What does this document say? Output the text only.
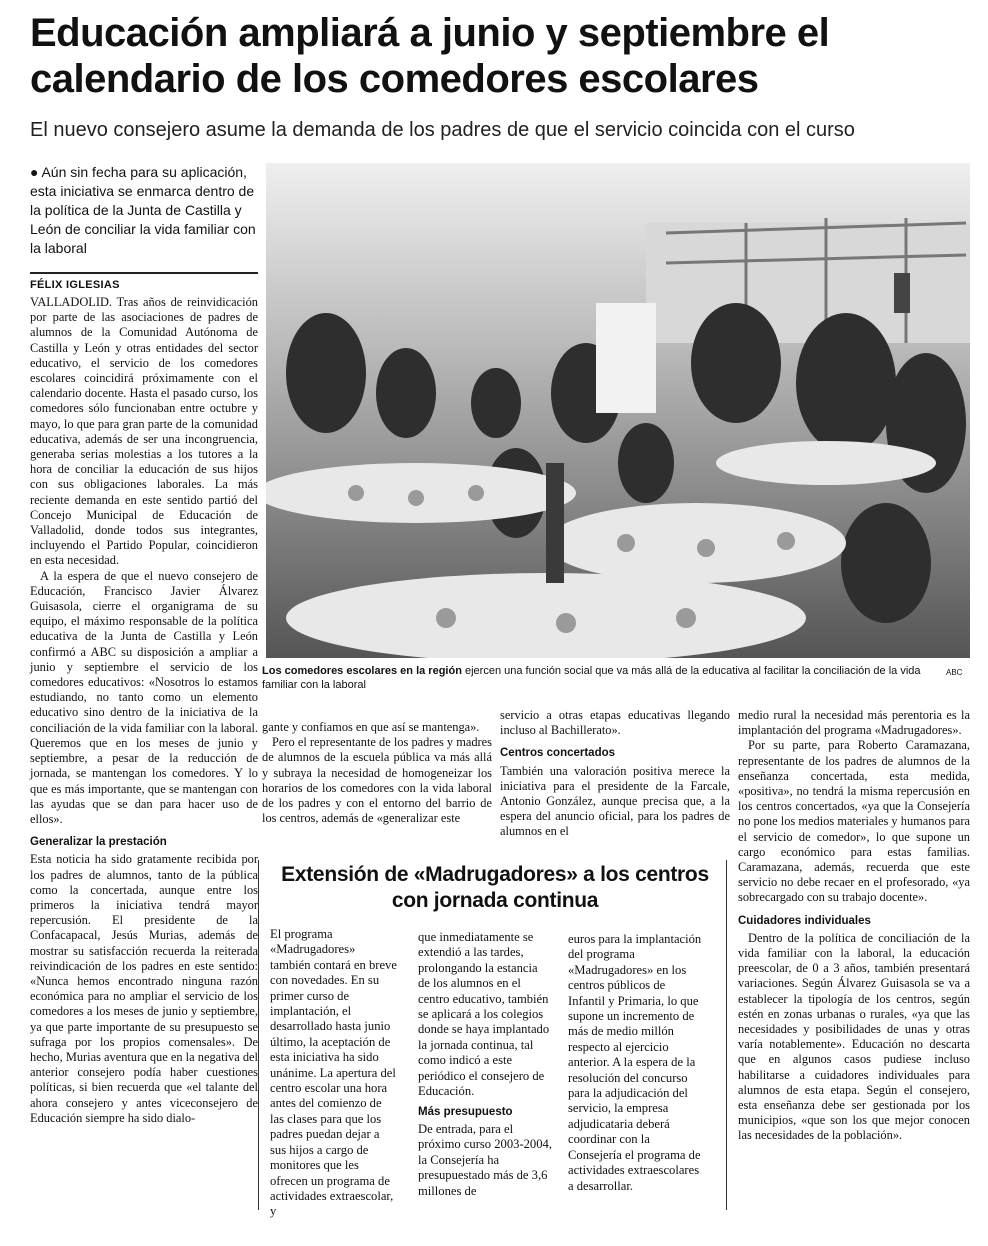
Educación ampliará a junio y septiembre el calendario de los comedores escolares

El nuevo consejero asume la demanda de los padres de que el servicio coincida con el curso

● Aún sin fecha para su aplicación, esta iniciativa se enmarca dentro de la política de la Junta de Castilla y León de conciliar la vida familiar con la laboral

FÉLIX IGLESIAS

VALLADOLID. Tras años de reinvidicación por parte de las asociaciones de padres de alumnos de la Comunidad Autónoma de Castilla y León y otras entidades del sector educativo, el servicio de los comedores escolares coincidirá próximamente con el calendario docente. Hasta el pasado curso, los comedores sólo funcionaban entre octubre y mayo, lo que para gran parte de la comunidad educativa, además de ser una incongruencia, generaba serias molestias a los tutores a la hora de conciliar la educación de sus hijos con sus obligaciones laborales. La más reciente demanda en este sentido partió del Concejo Municipal de Educación de Valladolid, donde todos sus integrantes, incluyendo el Partido Popular, coincidieron en esta necesidad.

A la espera de que el nuevo consejero de Educación, Francisco Javier Álvarez Guisasola, cierre el organigrama de su equipo, el máximo responsable de la política educativa de la Junta de Castilla y León confirmó a ABC su disposición a ampliar a junio y septiembre el servicio de los comedores educativos: «Nosotros lo estamos estudiando, no tanto como un elemento educativo sino dentro de la iniciativa de la conciliación de la vida familiar con la laboral. Queremos que en los meses de junio y septiembre, a pesar de la reducción de jornada, se mantengan los comedores. Y lo que es más importante, que se mantengan con las ayudas que se dan para hacer uso de ellos».

Generalizar la prestación

Esta noticia ha sido gratamente recibida por los padres de alumnos, tanto de la pública como la concertada, aunque entre los primeros la iniciativa tendrá mayor repercusión. El presidente de la Confacapacal, Jesús Murias, además de mostrar su satisfacción recuerda la reiterada reivindicación de los padres en este sentido: «Nunca hemos encontrado ninguna razón económica para no ampliar el servicio de los comedores a los meses de junio y septiembre, ya que parte importante de su presupuesto se sufraga por los propios comensales». De hecho, Murias aventura que en la negativa del anterior consejero podía haber cuestiones políticas, si bien recuerda que «el talante del ahora consejero y antes viceconsejero de Educación siempre ha sido dialo-

Los comedores escolares en la región ejercen una función social que va más allá de la educativa al facilitar la conciliación de la vida familiar con la laboral

ABC

gante y confiamos en que así se mantenga».

Pero el representante de los padres y madres de alumnos de la escuela pública va más allá y subraya la necesidad de homogeneizar los horarios de los comedores con la vida laboral de los padres y con el entorno del barrio de los centros, además de «generalizar este

servicio a otras etapas educativas llegando incluso al Bachillerato».

Centros concertados

También una valoración positiva merece la iniciativa para el presidente de la Farcale, Antonio González, aunque precisa que, a la espera del anuncio oficial, para los padres de alumnos en el

medio rural la necesidad más perentoria es la implantación del programa «Madrugadores».

Por su parte, para Roberto Caramazana, representante de los padres de alumnos de la enseñanza concertada, esta medida, «positiva», no tendrá la misma repercusión en los centros concertados, «ya que la Consejería no pone los medios materiales y humanos para el servicio de comedor», lo que supone un cargo económico para estas familias. Caramazana, además, recuerda que este servicio no debe recaer en el profesorado, «ya sobrecargado con su trabajo docente».

Cuidadores individuales

Dentro de la política de conciliación de la vida familiar con la laboral, la educación preescolar, de 0 a 3 años, también presentará variaciones. Según Álvarez Guisasola se va a establecer la tipología de los centros, según estén en zonas urbanas o rurales, «ya que las necesidades y posibilidades de unas y otras varía notablemente». Educación no descarta que en algunos casos pudiese incluso habilitarse a cuidadores individuales para alumnos de esta etapa. Según el consejero, esta enseñanza debe ser gestionada por los municipios, «que son los que mejor conocen las necesidades de la población».

Extensión de «Madrugadores» a los centros con jornada continua

El programa «Madrugadores» también contará en breve con novedades. En su primer curso de implantación, el desarrollado hasta junio último, la aceptación de esta iniciativa ha sido unánime. La apertura del centro escolar una hora antes del comienzo de las clases para que los padres puedan dejar a sus hijos a cargo de monitores que les ofrecen un programa de actividades extraescolar, y

que inmediatamente se extendió a las tardes, prolongando la estancia de los alumnos en el centro educativo, también se aplicará a los colegios donde se haya implantado la jornada continua, tal como indicó a este periódico el consejero de Educación.

Más presupuesto

De entrada, para el próximo curso 2003-2004, la Consejería ha presupuestado más de 3,6 millones de

euros para la implantación del programa «Madrugadores» en los centros públicos de Infantil y Primaria, lo que supone un incremento de más de medio millón respecto al ejercicio anterior. A la espera de la resolución del concurso para la adjudicación del servicio, la empresa adjudicataria deberá coordinar con la Consejería el programa de actividades extraescolares a desarrollar.
